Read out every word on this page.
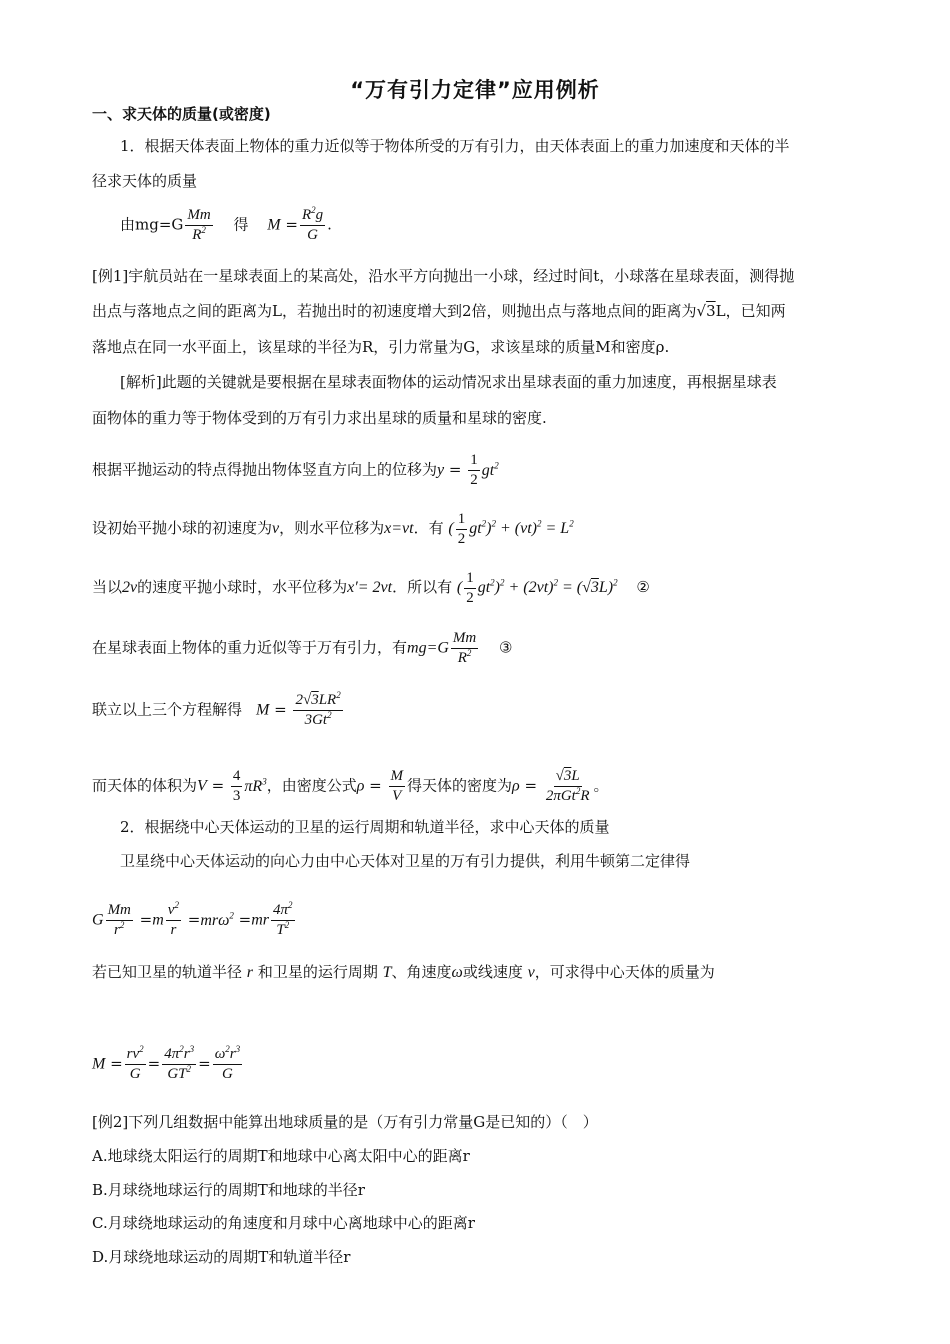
“万有引力定律”应用例析
一、求天体的质量(或密度)
1．根据天体表面上物体的重力近似等于物体所受的万有引力，由天体表面上的重力加速度和天体的半
径求天体的质量
由$mg=G \frac{Mm}{R^2}$ 得 $M = \frac{R^2g}{G}$ .
[例1]宇航员站在一星球表面上的某高处，沿水平方向抛出一小球，经过时间t，小球落在星球表面，测得抛
出点与落地点之间的距离为L，若抛出时的初速度增大到2倍，则抛出点与落地点间的距离为√3L，已知两
落地点在同一水平面上，该星球的半径为R，引力常量为G，求该星球的质量M和密度ρ.
[解析]此题的关键就是要根据在星球表面物体的运动情况求出星球表面的重力加速度，再根据星球表
面物体的重力等于物体受到的万有引力求出星球的质量和星球的密度.
根据平抛运动的特点得抛出物体竖直方向上的位移为$y = \frac{1}{2} gt^2$
设初始平抛小球的初速度为v，则水平位移为x=vt．有 ( $\frac{1}{2} gt^2)^2 + (vt)^2 = L^2$
当以2v的速度平抛小球时，水平位移为x′= 2vt．所以有 ( $\frac{1}{2} gt^2)^2 + (2vt)^2 = (√3L)^2$ ②
在星球表面上物体的重力近似等于万有引力，有$mg=G \frac{Mm}{R^2}$ ③
联立以上三个方程解得 $M = \frac{2√3LR^2}{3Gt^2}$
而天体的体积为$V = \frac{4}{3} \pi R^3$，由密度公式$\rho = \frac{M}{V}$ 得天体的密度为$\rho = \frac{√3L}{2\pi Gt^2R}$ 。
2．根据绕中心天体运动的卫星的运行周期和轨道半径，求中心天体的质量
卫星绕中心天体运动的向心力由中心天体对卫星的万有引力提供，利用牛顿第二定律得
G $\frac{Mm}{r^2} =m \frac{v^2}{r} =mr\omega^2 =mr \frac{4\pi^2}{T^2}$
若已知卫星的轨道半径 r 和卫星的运行周期 T、角速度ω或线速度 v，可求得中心天体的质量为
$M = \frac{rv^2}{G} = \frac{4\pi^2r^3}{GT^2} = \frac{\omega^2r^3}{G}$
[例2]下列几组数据中能算出地球质量的是（万有引力常量G是已知的）（　）
A.地球绕太阳运行的周期T和地球中心离太阳中心的距离r
B.月球绕地球运行的周期T和地球的半径r
C.月球绕地球运动的角速度和月球中心离地球中心的距离r
D.月球绕地球运动的周期T和轨道半径r
